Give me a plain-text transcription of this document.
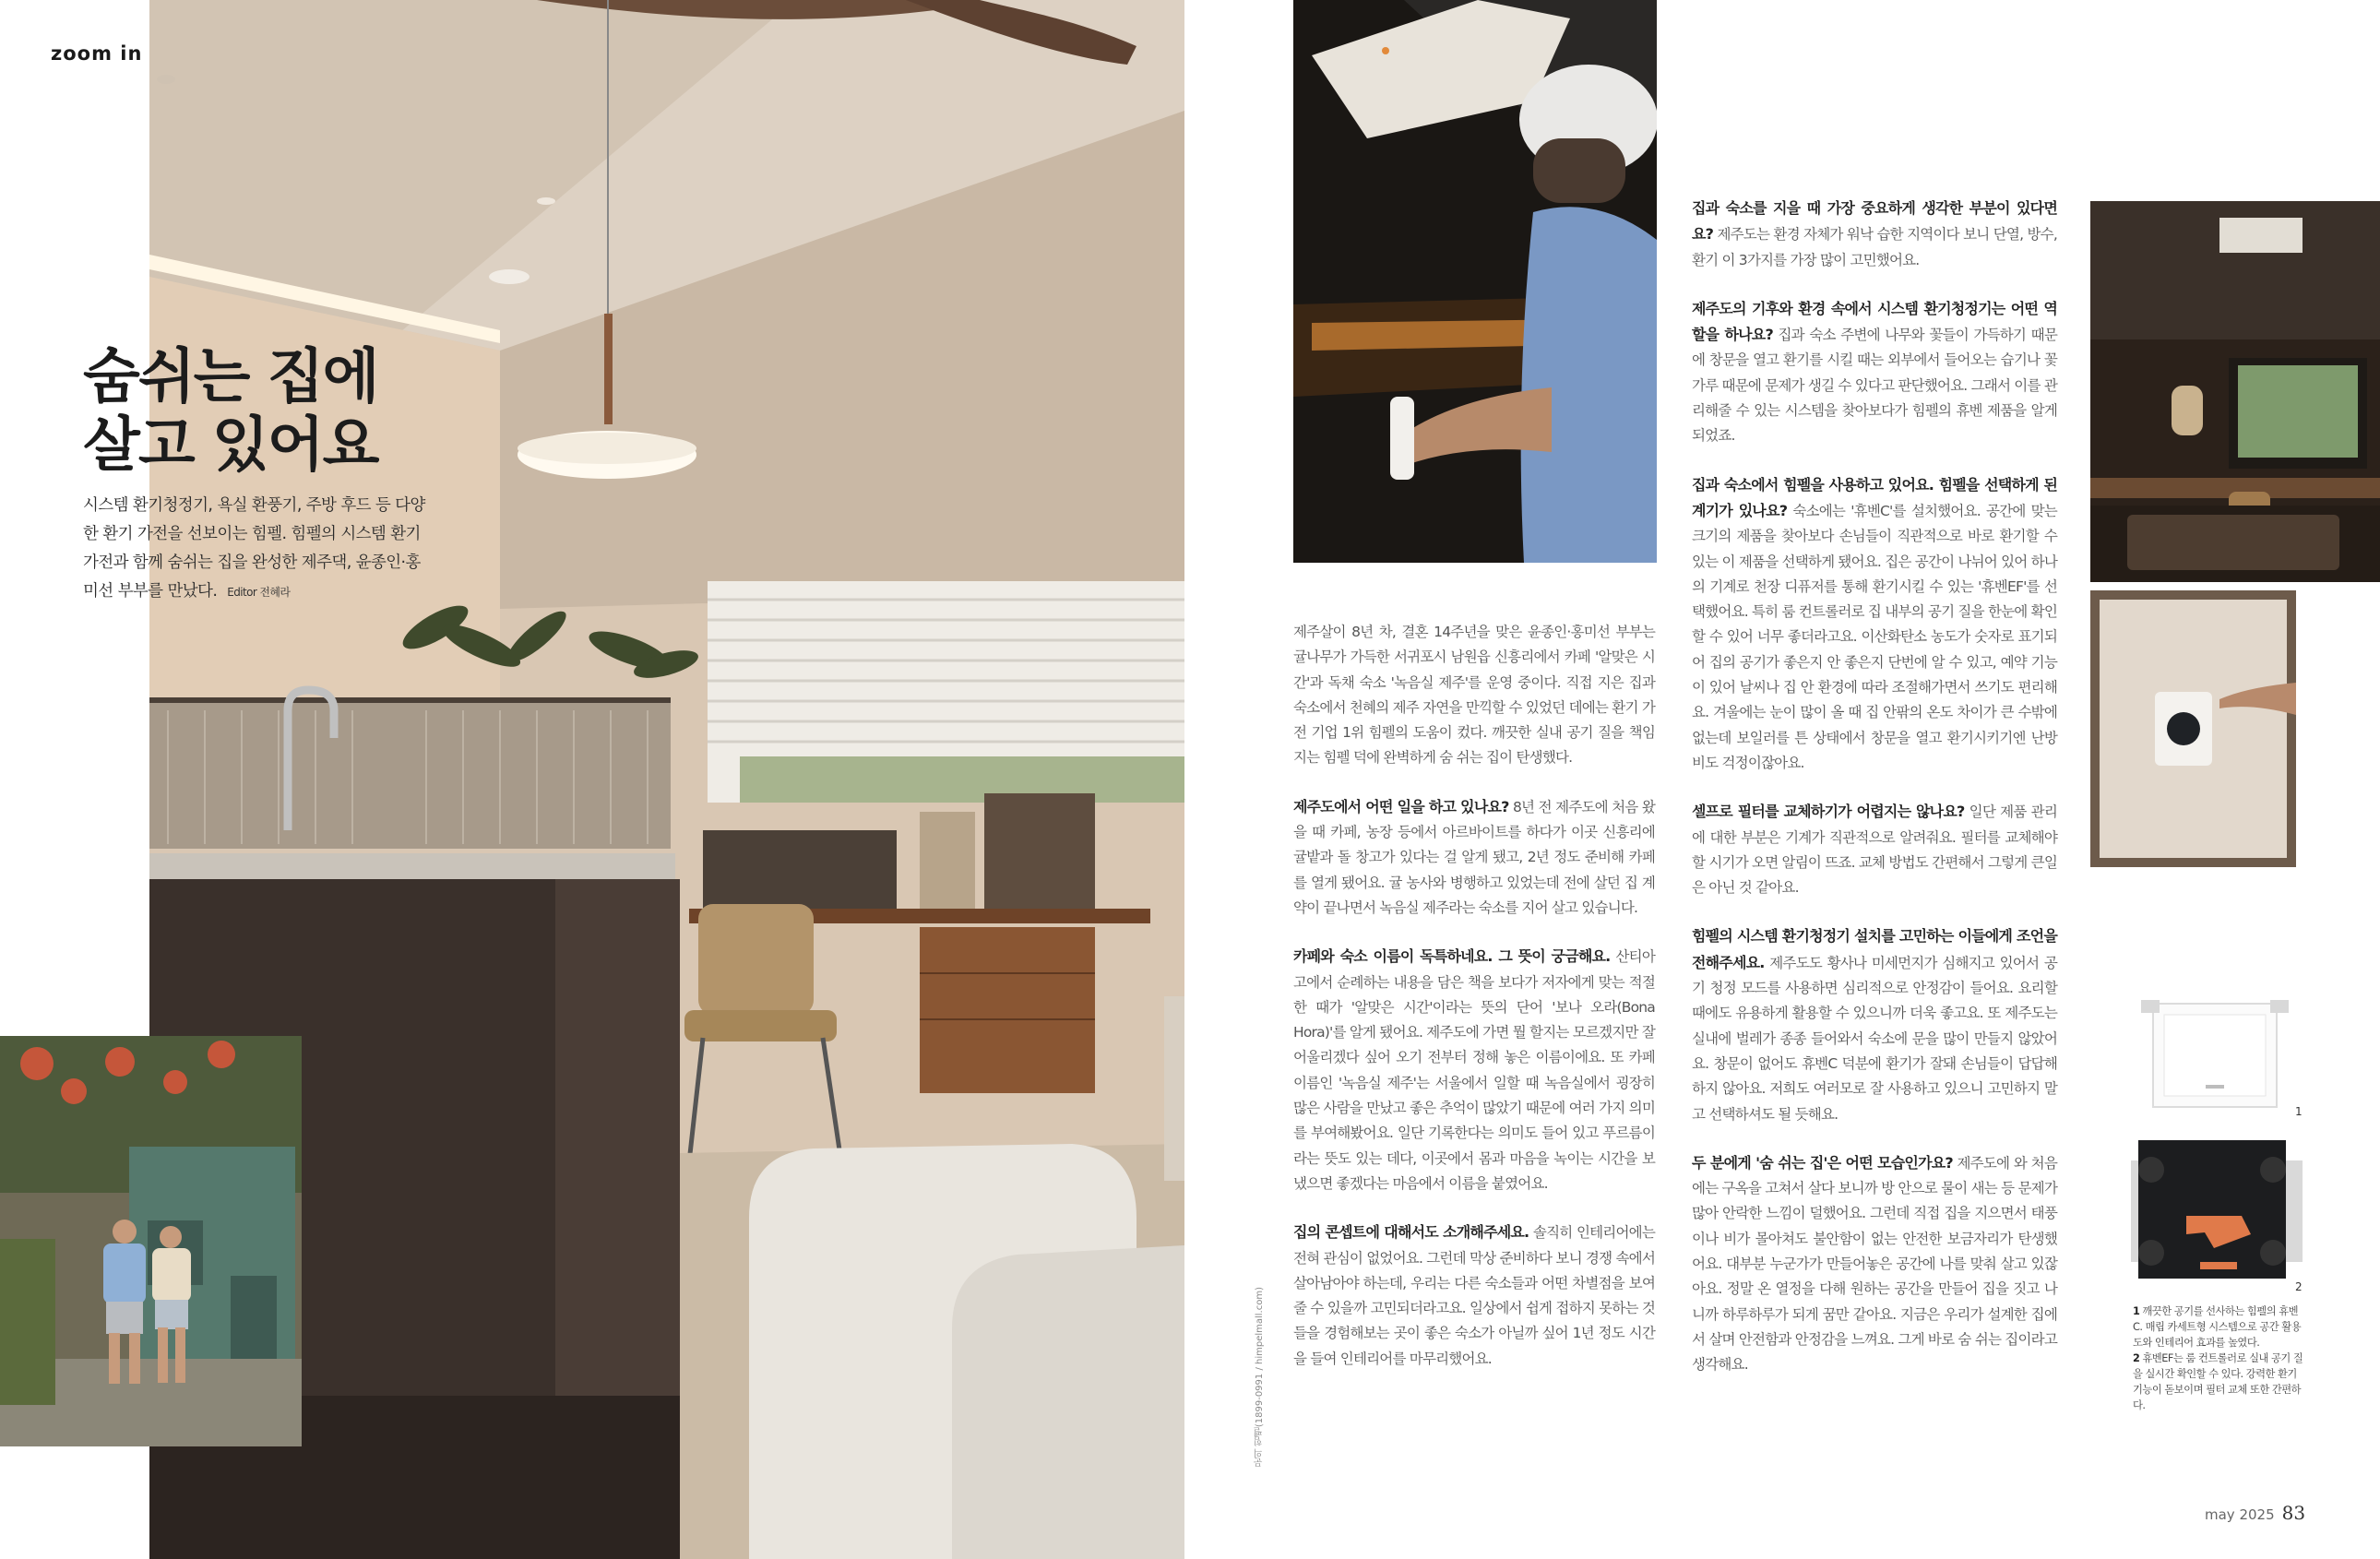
zoom in
숨쉬는 집에
살고 있어요
시스템 환기청정기, 욕실 환풍기, 주방 후드 등 다양한 환기 가전을 선보이는 힘펠. 힘펠의 시스템 환기 가전과 함께 숨쉬는 집을 완성한 제주댁, 윤종인·홍미선 부부를 만났다. Editor 전혜라

제주살이 8년 차, 결혼 14주년을 맞은 윤종인·홍미선 부부는 귤나무가 가득한 서귀포시 남원읍 신흥리에서 카페 '알맞은 시간'과 독채 숙소 '녹음실 제주'를 운영 중이다. 직접 지은 집과 숙소에서 천혜의 제주 자연을 만끽할 수 있었던 데에는 환기 가전 기업 1위 힘펠의 도움이 컸다. 깨끗한 실내 공기 질을 책임지는 힘펠 덕에 완벽하게 숨 쉬는 집이 탄생했다.

제주도에서 어떤 일을 하고 있나요? 8년 전 제주도에 처음 왔을 때 카페, 농장 등에서 아르바이트를 하다가 이곳 신흥리에 귤밭과 돌 창고가 있다는 걸 알게 됐고, 2년 정도 준비해 카페를 열게 됐어요. 귤 농사와 병행하고 있었는데 전에 살던 집 계약이 끝나면서 녹음실 제주라는 숙소를 지어 살고 있습니다.

카페와 숙소 이름이 독특하네요. 그 뜻이 궁금해요. 산티아고에서 순례하는 내용을 담은 책을 보다가 저자에게 맞는 적절한 때가 '알맞은 시간'이라는 뜻의 단어 '보나 오라(Bona Hora)'를 알게 됐어요. 제주도에 가면 뭘 할지는 모르겠지만 잘 어울리겠다 싶어 오기 전부터 정해 놓은 이름이에요. 또 카페 이름인 '녹음실 제주'는 서울에서 일할 때 녹음실에서 굉장히 많은 사람을 만났고 좋은 추억이 많았기 때문에 여러 가지 의미를 부여해봤어요. 일단 기록한다는 의미도 들어 있고 푸르름이라는 뜻도 있는 데다, 이곳에서 몸과 마음을 녹이는 시간을 보냈으면 좋겠다는 마음에서 이름을 붙였어요.

집의 콘셉트에 대해서도 소개해주세요. 솔직히 인테리어에는 전혀 관심이 없었어요. 그런데 막상 준비하다 보니 경쟁 속에서 살아남아야 하는데, 우리는 다른 숙소들과 어떤 차별점을 보여줄 수 있을까 고민되더라고요. 일상에서 쉽게 접하지 못하는 것들을 경험해보는 곳이 좋은 숙소가 아닐까 싶어 1년 정도 시간을 들여 인테리어를 마무리했어요.

집과 숙소를 지을 때 가장 중요하게 생각한 부분이 있다면요? 제주도는 환경 자체가 워낙 습한 지역이다 보니 단열, 방수, 환기 이 3가지를 가장 많이 고민했어요.

제주도의 기후와 환경 속에서 시스템 환기청정기는 어떤 역할을 하나요? 집과 숙소 주변에 나무와 꽃들이 가득하기 때문에 창문을 열고 환기를 시킬 때는 외부에서 들어오는 습기나 꽃가루 때문에 문제가 생길 수 있다고 판단했어요. 그래서 이를 관리해줄 수 있는 시스템을 찾아보다가 힘펠의 휴벤 제품을 알게 되었죠.

집과 숙소에서 힘펠을 사용하고 있어요. 힘펠을 선택하게 된 계기가 있나요? 숙소에는 '휴벤C'를 설치했어요. 공간에 맞는 크기의 제품을 찾아보다 손님들이 직관적으로 바로 환기할 수 있는 이 제품을 선택하게 됐어요. 집은 공간이 나뉘어 있어 하나의 기계로 천장 디퓨저를 통해 환기시킬 수 있는 '휴벤EF'를 선택했어요. 특히 룸 컨트롤러로 집 내부의 공기 질을 한눈에 확인할 수 있어 너무 좋더라고요. 이산화탄소 농도가 숫자로 표기되어 집의 공기가 좋은지 안 좋은지 단번에 알 수 있고, 예약 기능이 있어 날씨나 집 안 환경에 따라 조절해가면서 쓰기도 편리해요. 겨울에는 눈이 많이 올 때 집 안팎의 온도 차이가 큰 수밖에 없는데 보일러를 튼 상태에서 창문을 열고 환기시키기엔 난방비도 걱정이잖아요.

셀프로 필터를 교체하기가 어렵지는 않나요? 일단 제품 관리에 대한 부분은 기계가 직관적으로 알려줘요. 필터를 교체해야 할 시기가 오면 알림이 뜨죠. 교체 방법도 간편해서 그렇게 큰일은 아닌 것 같아요.

힘펠의 시스템 환기청정기 설치를 고민하는 이들에게 조언을 전해주세요. 제주도도 황사나 미세먼지가 심해지고 있어서 공기 청정 모드를 사용하면 심리적으로 안정감이 들어요. 요리할 때에도 유용하게 활용할 수 있으니까 더욱 좋고요. 또 제주도는 실내에 벌레가 종종 들어와서 숙소에 문을 많이 만들지 않았어요. 창문이 없어도 휴벤C 덕분에 환기가 잘돼 손님들이 답답해하지 않아요. 저희도 여러모로 잘 사용하고 있으니 고민하지 말고 선택하셔도 될 듯해요.

두 분에게 '숨 쉬는 집'은 어떤 모습인가요? 제주도에 와 처음에는 구옥을 고쳐서 살다 보니까 방 안으로 물이 새는 등 문제가 많아 안락한 느낌이 덜했어요. 그런데 직접 집을 지으면서 태풍이나 비가 몰아쳐도 불안함이 없는 안전한 보금자리가 탄생했어요. 대부분 누군가가 만들어놓은 공간에 나를 맞춰 살고 있잖아요. 정말 온 열정을 다해 원하는 공간을 만들어 집을 짓고 나니까 하루하루가 되게 꿈만 같아요. 지금은 우리가 설계한 집에서 살며 안전함과 안정감을 느껴요. 그게 바로 숨 쉬는 집이라고 생각해요.

문의 힘펠(1899-0991 / himpelmall.com)
1
2

1 깨끗한 공기를 선사하는 힘펠의 휴벤C. 매립 카세트형 시스템으로 공간 활용도와 인테리어 효과를 높였다.

2 휴벤EF는 룸 컨트롤러로 실내 공기 질을 실시간 확인할 수 있다. 강력한 환기 기능이 돋보이며 필터 교체 또한 간편하다.

may 2025 83
